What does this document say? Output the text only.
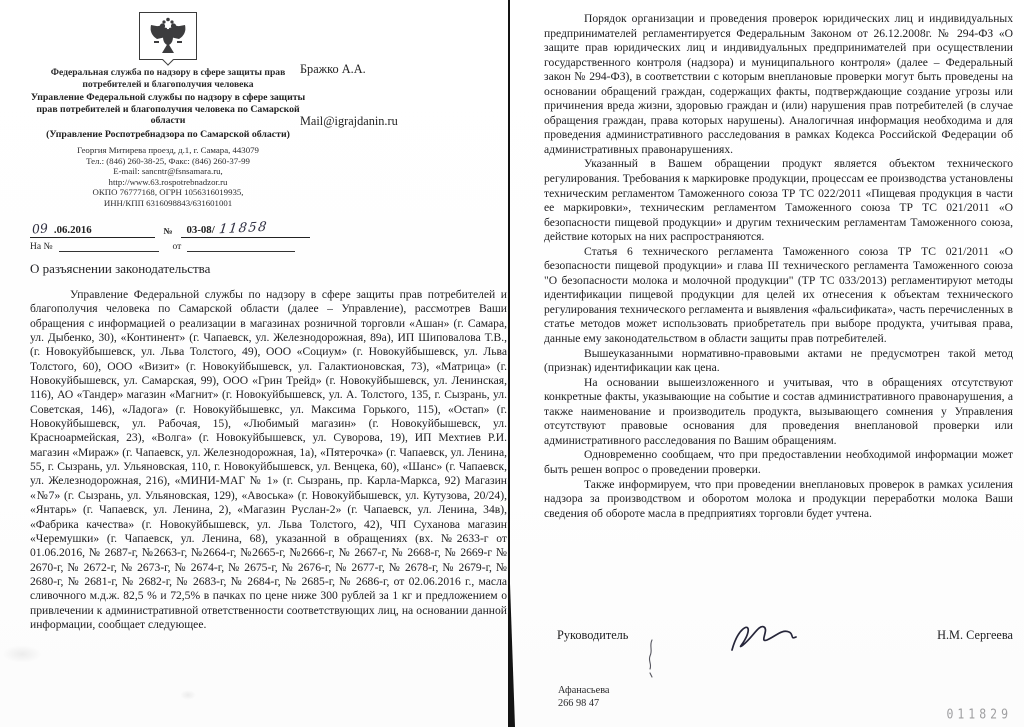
Федеральная служба по надзору в сфере защиты прав потребителей и благополучия человека
Управление Федеральной службы по надзору в сфере защиты прав потребителей и благополучия человека по Самарской области
(Управление Роспотребнадзора по Самарской области)
Георгия Митирева проезд, д.1, г. Самара, 443079
Тел.: (846) 260-38-25, Факс: (846) 260-37-99
E-mail: sancntr@fsnsamara.ru,
http://www.63.rospotrebnadzor.ru
ОКПО 76777168, ОГРН 1056316019935,
ИНН/КПП 6316098843/631601001
09 .06.2016	№ 03-08/ 11858
На №	от
Бражко А.А.
Mail@igrajdanin.ru
О разъяснении законодательства

Управление Федеральной службы по надзору в сфере защиты прав потребителей и благополучия человека по Самарской области (далее – Управление), рассмотрев Ваши обращения с информацией о реализации в магазинах розничной торговли «Ашан» (г. Самара, ул. Дыбенко, 30), «Континент» (г. Чапаевск, ул. Железнодорожная, 89а), ИП Шиповалова Т.В., (г. Новокуйбышевск, ул. Льва Толстого, 49), ООО «Социум» (г. Новокуйбышевск, ул. Льва Толстого, 60), ООО «Визит» (г. Новокуйбышевск, ул. Галактионовская, 73), «Матрица» (г. Новокуйбышевск, ул. Самарская, 99), ООО «Грин Трейд» (г. Новокуйбышевск, ул. Ленинская, 116), АО «Тандер» магазин «Магнит» (г. Новокуйбышевск, ул. А. Толстого, 135, г. Сызрань, ул. Советская, 146), «Ладога» (г. Новокуйбышевкс, ул. Максима Горького, 115), «Остап» (г. Новокуйбышевск, ул. Рабочая, 15), «Любимый магазин» (г. Новокуйбышевск, ул. Красноармейская, 23), «Волга» (г. Новокуйбышевск, ул. Суворова, 19), ИП Мехтиев Р.И. магазин «Мираж» (г. Чапаевск, ул. Железнодорожная, 1а), «Пятерочка» (г. Чапаевск, ул. Ленина, 55, г. Сызрань, ул. Ульяновская, 110, г. Новокуйбышевск, ул. Венцека, 60), «Шанс» (г. Чапаевск, ул. Железнодорожная, 216), «МИНИ-МАГ № 1» (г. Сызрань, пр. Карла-Маркса, 92) Магазин «№7» (г. Сызрань, ул. Ульяновская, 129), «Авоська» (г. Новокуйбышевск, ул. Кутузова, 20/24), «Янтарь» (г. Чапаевск, ул. Ленина, 2), «Магазин Руслан-2» (г. Чапаевск, ул. Ленина, 34в), «Фабрика качества» (г. Новокуйбышевск, ул. Льва Толстого, 42), ЧП Суханова магазин «Черемушки» (г. Чапаевск, ул. Ленина, 68), указанной в обращениях (вх. №2633-г от 01.06.2016, № 2687-г, №2663-г, №2664-г, №2665-г, №2666-г, № 2667-г, № 2668-г, № 2669-г № 2670-г, № 2672-г, № 2673-г, № 2674-г, № 2675-г, № 2676-г, № 2677-г, № 2678-г, № 2679-г, № 2680-г, № 2681-г, № 2682-г, № 2683-г, № 2684-г, № 2685-г, № 2686-г, от 02.06.2016 г., масла сливочного м.д.ж. 82,5 % и 72,5% в пачках по цене ниже 300 рублей за 1 кг и предложением о привлечении к административной ответственности соответствующих лиц, на основании данной информации, сообщает следующее.

Порядок организации и проведения проверок юридических лиц и индивидуальных предпринимателей регламентируется Федеральным Законом от 26.12.2008г. № 294-ФЗ «О защите прав юридических лиц и индивидуальных предпринимателей при осуществлении государственного контроля (надзора) и муниципального контроля» (далее – Федеральный закон № 294-ФЗ), в соответствии с которым внеплановые проверки могут быть проведены на основании обращений граждан, содержащих факты, подтверждающие создание угрозы или причинения вреда жизни, здоровью граждан и (или) нарушения прав потребителей (в случае обращения граждан, права которых нарушены). Аналогичная информация необходима и для проведения административного расследования в рамках Кодекса Российской Федерации об административных правонарушениях.

Указанный в Вашем обращении продукт является объектом технического регулирования. Требования к маркировке продукции, процессам ее производства установлены техническим регламентом Таможенного союза ТР ТС 022/2011 «Пищевая продукция в части ее маркировки», техническим регламентом Таможенного союза ТР ТС 021/2011 «О безопасности пищевой продукции» и другим техническим регламентам Таможенного союза, действие которых на них распространяются.

Статья 6 технического регламента Таможенного союза ТР ТС 021/2011 «О безопасности пищевой продукции» и глава III технического регламента Таможенного союза "О безопасности молока и молочной продукции" (ТР ТС 033/2013) регламентируют методы идентификации пищевой продукции для целей их отнесения к объектам технического регулирования технического регламента и выявления «фальсификата», часть перечисленных в статье методов может использовать приобретатель при выборе продукта, учитывая права, данные ему законодательством в области защиты прав потребителей.

Вышеуказанными нормативно-правовыми актами не предусмотрен такой метод (признак) идентификации как цена.

На основании вышеизложенного и учитывая, что в обращениях отсутствуют конкретные факты, указывающие на событие и состав административного правонарушения, а также наименование и производитель продукта, вызывающего сомнения у Управления отсутствуют правовые основания для проведения внеплановой проверки или административного расследования по Вашим обращениям.

Одновременно сообщаем, что при предоставлении необходимой информации может быть решен вопрос о проведении проверки.

Также информируем, что при проведении внеплановых проверок в рамках усиления надзора за производством и оборотом молока и продукции переработки молока Ваши сведения об обороте масла в предприятиях торговли будет учтена.

Руководитель	Н.М. Сергеева
Афанасьева
266 98 47
011829
